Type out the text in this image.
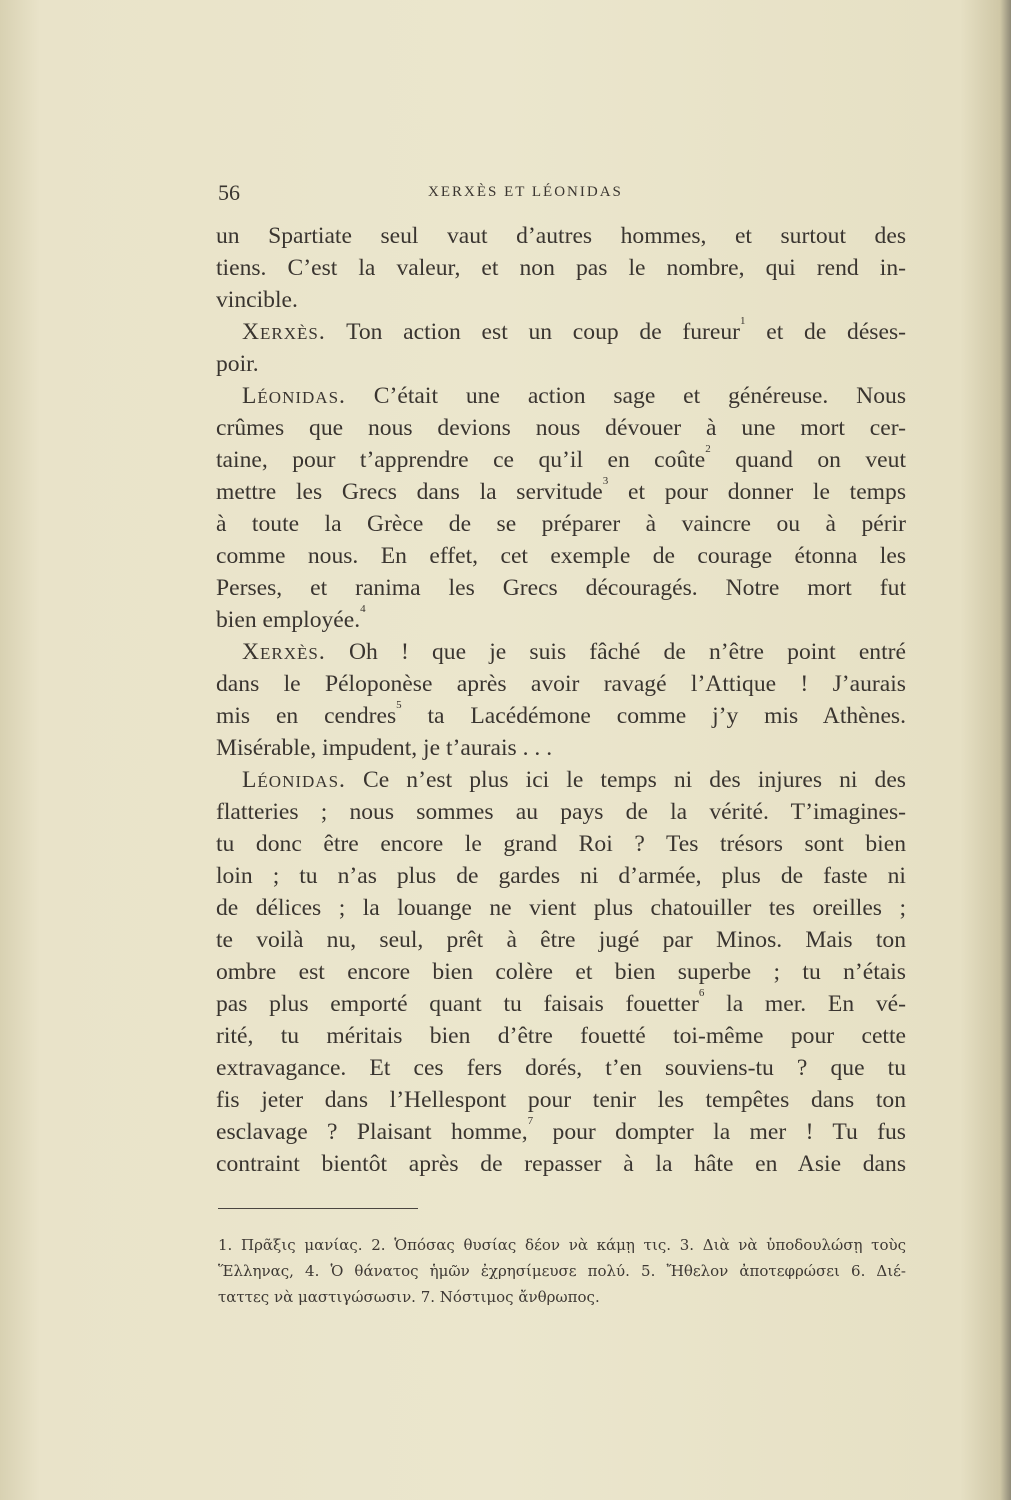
56	XERXÈS ET LÉONIDAS
un Spartiate seul vaut d’autres hommes, et surtout des
tiens. C’est la valeur, et non pas le nombre, qui rend in-
vincible.
Xerxès. Ton action est un coup de fureur$^1$ et de déses-
poir.
Léonidas. C’était une action sage et généreuse. Nous
crûmes que nous devions nous dévouer à une mort cer-
taine, pour t’apprendre ce qu’il en coûte$^2$ quand on veut
mettre les Grecs dans la servitude$^3$ et pour donner le temps
à toute la Grèce de se préparer à vaincre ou à périr
comme nous. En effet, cet exemple de courage étonna les
Perses, et ranima les Grecs découragés. Notre mort fut
bien employée.$^4$
Xerxès. Oh ! que je suis fâché de n’être point entré
dans le Péloponèse après avoir ravagé l’Attique ! J’aurais
mis en cendres$^5$ ta Lacédémone comme j’y mis Athènes.
Misérable, impudent, je t’aurais . . .
Léonidas. Ce n’est plus ici le temps ni des injures ni des
flatteries ; nous sommes au pays de la vérité. T’imagines-
tu donc être encore le grand Roi ? Tes trésors sont bien
loin ; tu n’as plus de gardes ni d’armée, plus de faste ni
de délices ; la louange ne vient plus chatouiller tes oreilles ;
te voilà nu, seul, prêt à être jugé par Minos. Mais ton
ombre est encore bien colère et bien superbe ; tu n’étais
pas plus emporté quant tu faisais fouetter$^6$ la mer. En vé-
rité, tu méritais bien d’être fouetté toi-même pour cette
extravagance. Et ces fers dorés, t’en souviens-tu ? que tu
fis jeter dans l’Hellespont pour tenir les tempêtes dans ton
esclavage ? Plaisant homme,$^7$ pour dompter la mer ! Tu fus
contraint bientôt après de repasser à la hâte en Asie dans
1. Πρᾶξις μανίας. 2. Ὁπόσας θυσίας δέον νὰ κάμῃ τις. 3. Διὰ νὰ ὑποδουλώσῃ τοὺς
Ἕλληνας, 4. Ὁ θάνατος ἡμῶν ἐχρησίμευσε πολύ. 5. Ἤθελον ἀποτεφρώσει 6. Διέ-
ταττες νὰ μαστιγώσωσιν. 7. Νόστιμος ἄνθρωπος.
